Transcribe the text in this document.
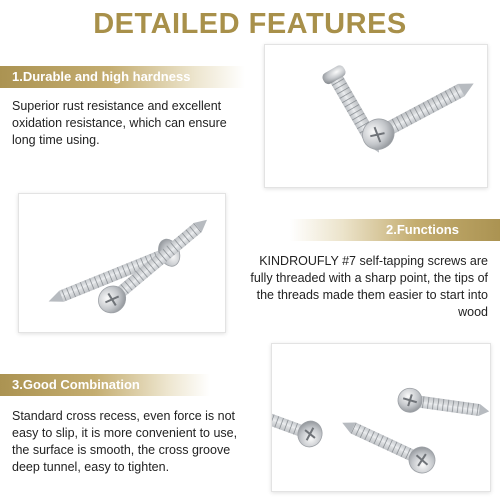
DETAILED FEATURES
1.Durable and high hardness
Superior rust resistance and excellent oxidation resistance, which can ensure long time using.
2.Functions
KINDROUFLY #7 self-tapping screws are fully threaded with a sharp point, the tips of the threads made them easier to start into wood
3.Good Combination
Standard cross recess, even force is not easy to slip, it is more convenient to use, the surface is smooth, the cross groove deep tunnel, easy to tighten.
